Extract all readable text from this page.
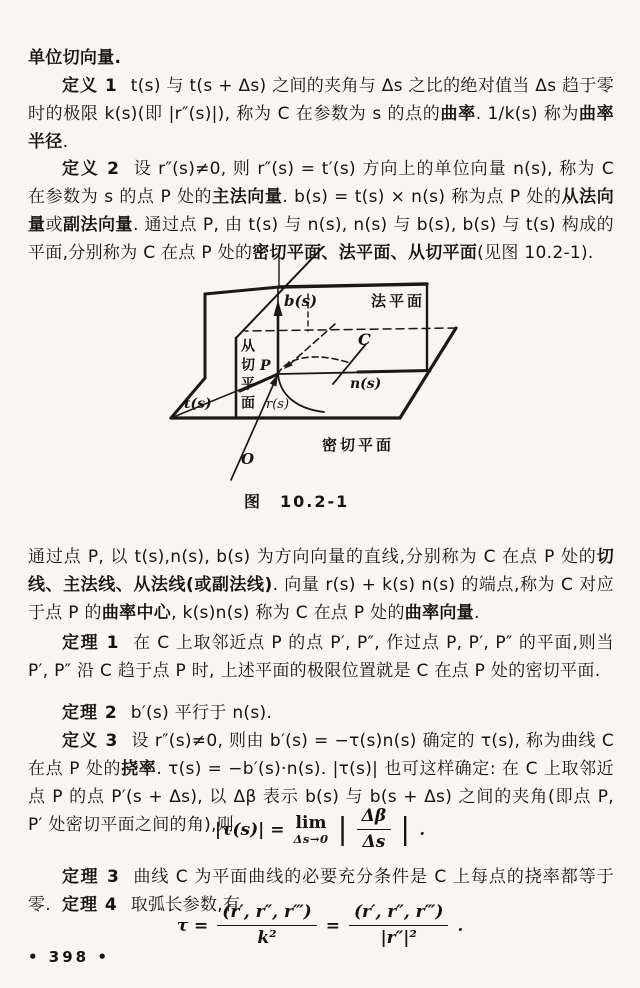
单位切向量.

定义 1 t(s) 与 t(s + Δs) 之间的夹角与 Δs 之比的绝对值当 Δs 趋于零时的极限 k(s)(即 |r″(s)|), 称为 C 在参数为 s 的点的曲率. 1/k(s) 称为曲率半径.

定义 2 设 r″(s)≠0, 则 r″(s) = t′(s) 方向上的单位向量 n(s), 称为 C 在参数为 s 的点 P 处的主法向量. b(s) = t(s) × n(s) 称为点 P 处的从法向量或副法向量. 通过点 P, 由 t(s) 与 n(s), n(s) 与 b(s), b(s) 与 t(s) 构成的平面,分别称为 C 在点 P 处的密切平面、法平面、从切平面(见图 10.2-1).

b(s)	法平面
C
从切平面	n(s)
t(s)	r(s)
P
O
密切平面
图　10.2-1

通过点 P, 以 t(s),n(s), b(s) 为方向向量的直线,分别称为 C 在点 P 处的切线、主法线、从法线(或副法线). 向量 r(s) + k(s) n(s) 的端点,称为 C 对应于点 P 的曲率中心, k(s)n(s) 称为 C 在点 P 处的曲率向量.

定理 1 在 C 上取邻近点 P 的点 P′, P″, 作过点 P, P′, P″ 的平面,则当 P′, P″ 沿 C 趋于点 P 时, 上述平面的极限位置就是 C 在点 P 处的密切平面.

定理 2 b′(s) 平行于 n(s).

定义 3 设 r″(s)≠0, 则由 b′(s) = −τ(s)n(s) 确定的 τ(s), 称为曲线 C 在点 P 处的挠率. τ(s) = −b′(s)·n(s). |τ(s)| 也可这样确定: 在 C 上取邻近点 P 的点 P′(s + Δs), 以 Δβ 表示 b(s) 与 b(s + Δs) 之间的夹角(即点 P, P′ 处密切平面之间的角),则

|τ(s)| = lim
Δs→0 | $\frac{\Delta\beta}{\Delta s}$ | .

定理 3 曲线 C 为平面曲线的必要充分条件是 C 上每点的挠率都等于零. 定理 4 取弧长参数,有

$\tau = \frac{(r', r'', r‴)}{\text{k²}} = \frac{(r', r'', r‴)}{\text{|r″|²}}$ .
• 398 •
